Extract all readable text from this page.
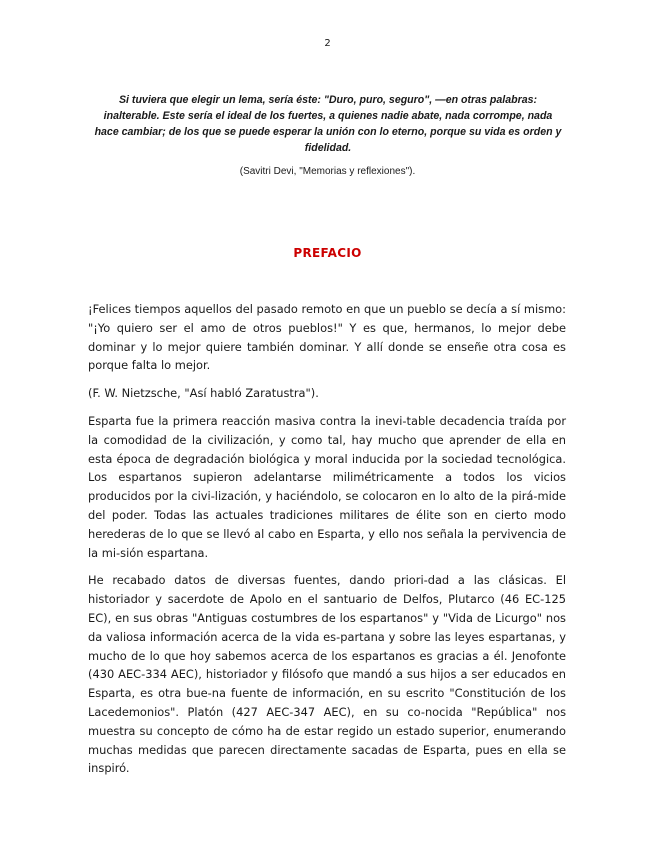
2

Si tuviera que elegir un lema, sería éste: "Duro, puro, seguro", —en otras palabras: inalterable. Este sería el ideal de los fuertes, a quienes nadie abate, nada corrompe, nada hace cambiar; de los que se puede esperar la unión con lo eterno, porque su vida es orden y fidelidad.

(Savitri Devi, "Memorias y reflexiones").

PREFACIO

¡Felices tiempos aquellos del pasado remoto en que un pueblo se decía a sí mismo: "¡Yo quiero ser el amo de otros pueblos!" Y es que, hermanos, lo mejor debe dominar y lo mejor quiere también dominar. Y allí donde se enseñe otra cosa es porque falta lo mejor.

(F. W. Nietzsche, "Así habló Zaratustra").

Esparta fue la primera reacción masiva contra la inevi-table decadencia traída por la comodidad de la civilización, y como tal, hay mucho que aprender de ella en esta época de degradación biológica y moral inducida por la sociedad tecnológica. Los espartanos supieron adelantarse milimétricamente a todos los vicios producidos por la civi-lización, y haciéndolo, se colocaron en lo alto de la pirá-mide del poder. Todas las actuales tradiciones militares de élite son en cierto modo herederas de lo que se llevó al cabo en Esparta, y ello nos señala la pervivencia de la mi-sión espartana.

He recabado datos de diversas fuentes, dando priori-dad a las clásicas. El historiador y sacerdote de Apolo en el santuario de Delfos, Plutarco (46 EC-125 EC), en sus obras "Antiguas costumbres de los espartanos" y "Vida de Licurgo" nos da valiosa información acerca de la vida es-partana y sobre las leyes espartanas, y mucho de lo que hoy sabemos acerca de los espartanos es gracias a él. Jenofonte (430 AEC-334 AEC), historiador y filósofo que mandó a sus hijos a ser educados en Esparta, es otra bue-na fuente de información, en su escrito "Constitución de los Lacedemonios". Platón (427 AEC-347 AEC), en su co-nocida "República" nos muestra su concepto de cómo ha de estar regido un estado superior, enumerando muchas medidas que parecen directamente sacadas de Esparta, pues en ella se inspiró.
